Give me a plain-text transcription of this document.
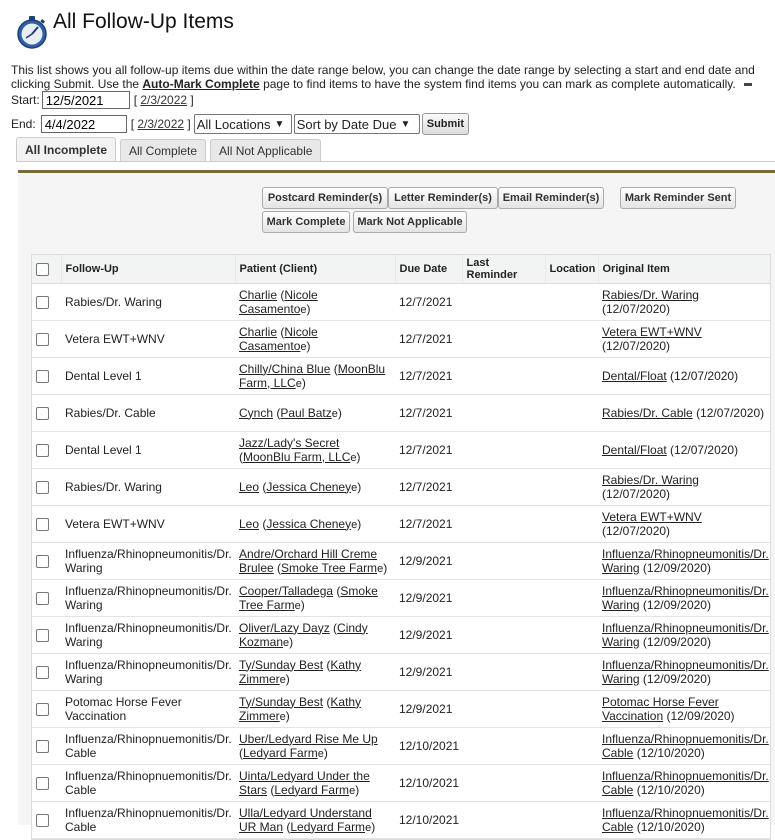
All Follow-Up Items
This list shows you all follow-up items due within the date range below, you can change the date range by selecting a start and end date and clicking Submit. Use the Auto-Mark Complete page to find items to have the system find items you can mark as complete automatically.
Start:
12/5/2021	[ 2/3/2022 ]
End:
4/4/2022	[ 2/3/2022 ] All Locations ▼ Sort by Date Due ▼	Submit
All Incomplete	All Complete	All Not Applicable
Postcard Reminder(s)	Letter Reminder(s) Email Reminder(s)	Mark Reminder Sent
Mark Complete	Mark Not Applicable
	Follow-Up	Patient (Client)	Due Date	Last Reminder	Location	Original Item
	Rabies/Dr. Waring	Charlie (Nicole Casamentoe)	12/7/2021			Rabies/Dr. Waring (12/07/2020)
	Vetera EWT+WNV	Charlie (Nicole Casamentoe)	12/7/2021			Vetera EWT+WNV (12/07/2020)
	Dental Level 1	Chilly/China Blue (MoonBlu Farm, LLCe)	12/7/2021			Dental/Float (12/07/2020)
	Rabies/Dr. Cable	Cynch (Paul Batze)	12/7/2021			Rabies/Dr. Cable (12/07/2020)
	Dental Level 1	Jazz/Lady's Secret (MoonBlu Farm, LLCe)	12/7/2021			Dental/Float (12/07/2020)
	Rabies/Dr. Waring	Leo (Jessica Cheneye)	12/7/2021			Rabies/Dr. Waring (12/07/2020)
	Vetera EWT+WNV	Leo (Jessica Cheneye)	12/7/2021			Vetera EWT+WNV (12/07/2020)
	Influenza/Rhinopneumonitis/Dr. Waring	Andre/Orchard Hill Creme Brulee (Smoke Tree Farme)	12/9/2021			Influenza/Rhinopneumonitis/Dr. Waring (12/09/2020)
	Influenza/Rhinopneumonitis/Dr. Waring	Cooper/Talladega (Smoke Tree Farme)	12/9/2021			Influenza/Rhinopneumonitis/Dr. Waring (12/09/2020)
	Influenza/Rhinopneumonitis/Dr. Waring	Oliver/Lazy Dayz (Cindy Kozmane)	12/9/2021			Influenza/Rhinopneumonitis/Dr. Waring (12/09/2020)
	Influenza/Rhinopneumonitis/Dr. Waring	Ty/Sunday Best (Kathy Zimmere)	12/9/2021			Influenza/Rhinopneumonitis/Dr. Waring (12/09/2020)
	Potomac Horse Fever Vaccination	Ty/Sunday Best (Kathy Zimmere)	12/9/2021			Potomac Horse Fever Vaccination (12/09/2020)
	Influenza/Rhinopnuemonitis/Dr. Cable	Uber/Ledyard Rise Me Up (Ledyard Farme)	12/10/2021			Influenza/Rhinopnuemonitis/Dr. Cable (12/10/2020)
	Influenza/Rhinopnuemonitis/Dr. Cable	Uinta/Ledyard Under the Stars (Ledyard Farme)	12/10/2021			Influenza/Rhinopnuemonitis/Dr. Cable (12/10/2020)
	Influenza/Rhinopnuemonitis/Dr. Cable	Ulla/Ledyard Understand UR Man (Ledyard Farme)	12/10/2021			Influenza/Rhinopnuemonitis/Dr. Cable (12/10/2020)
